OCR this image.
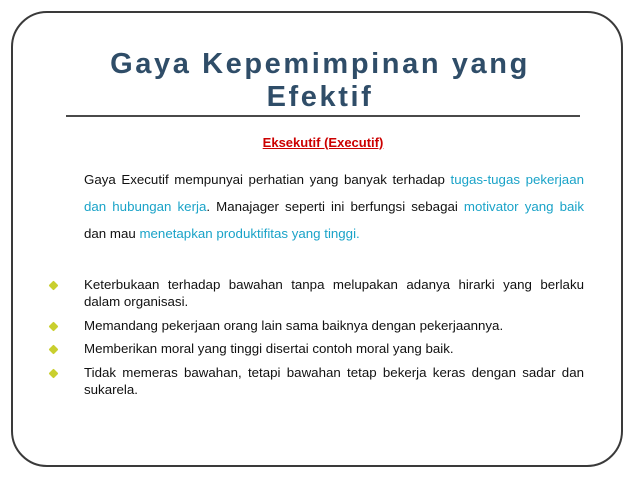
Gaya Kepemimpinan yang Efektif
Eksekutif (Executif)
Gaya Executif mempunyai perhatian yang banyak terhadap tugas-tugas pekerjaan dan hubungan kerja. Manajager seperti ini berfungsi sebagai motivator yang baik dan mau menetapkan produktifitas yang tinggi.
Keterbukaan terhadap bawahan tanpa melupakan adanya hirarki yang berlaku dalam organisasi.
Memandang pekerjaan orang lain sama baiknya dengan pekerjaannya.
Memberikan moral yang tinggi disertai contoh moral yang baik.
Tidak memeras bawahan, tetapi bawahan tetap bekerja keras dengan sadar dan sukarela.
